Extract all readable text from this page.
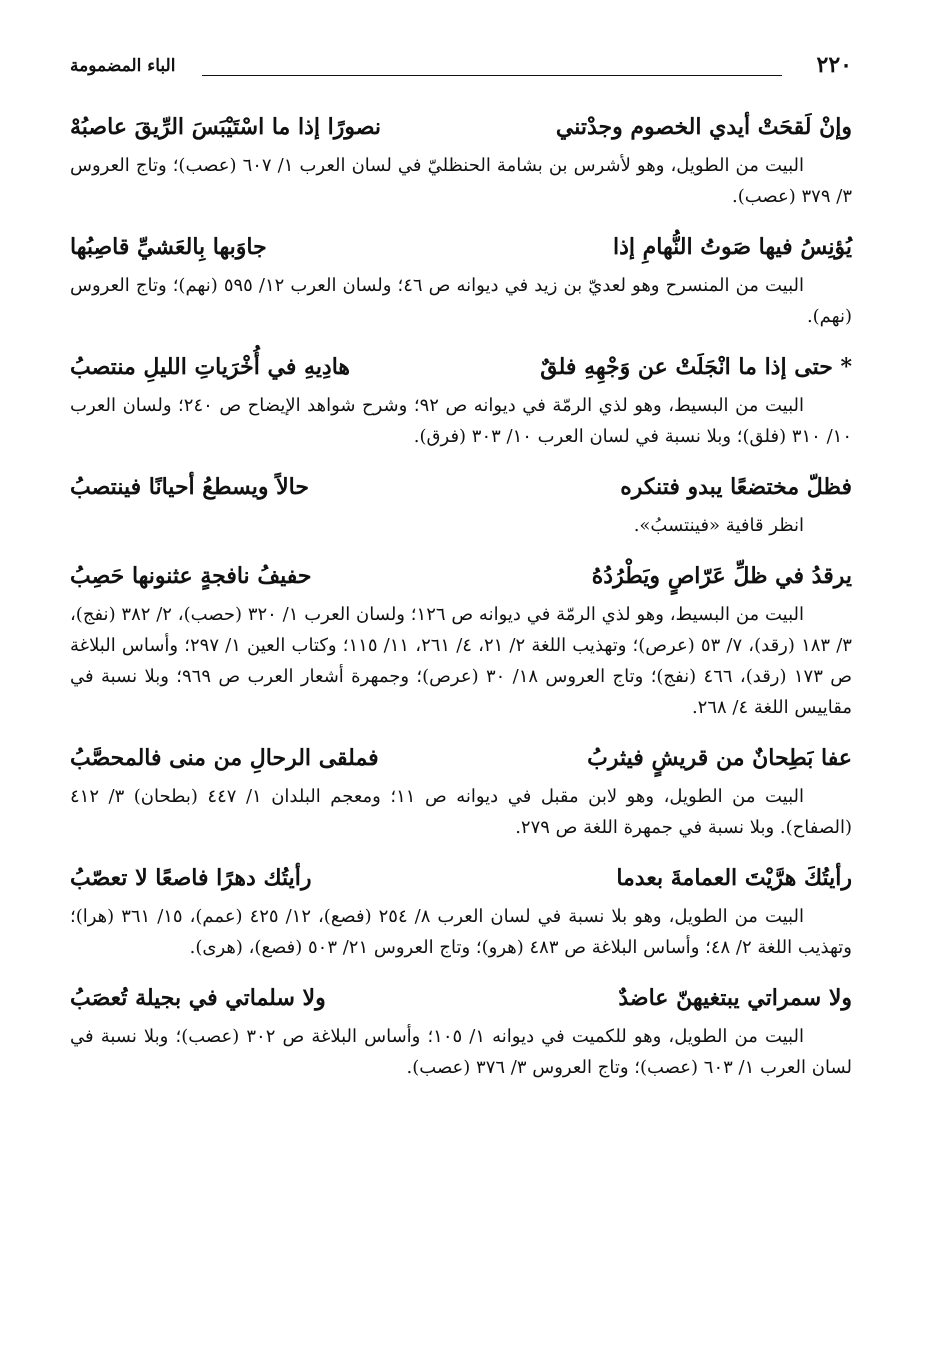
٢٢٠
الباء المضمومة
وإنْ لَقحَتْ أيدي الخصوم وجدْتني
نصورًا إذا ما اسْتَيْبَسَ الرِّيقَ عاصبُهْ

البيت من الطويل، وهو لأشرس بن بشامة الحنظليّ في لسان العرب ١/ ٦٠٧ (عصب)؛ وتاج العروس ٣/ ٣٧٩ (عصب).

يُؤنِسُ فيها صَوتُ النُّهامِ إذا
جاوَبها بِالعَشيِّ قاصِبُها

البيت من المنسرح وهو لعديّ بن زيد في ديوانه ص ٤٦؛ ولسان العرب ١٢/ ٥٩٥ (نهم)؛ وتاج العروس (نهم).

* حتى إذا ما انْجَلَتْ عن وَجْهِهِ فلقٌ
هادِيهِ في أُخْرَياتِ الليلِ منتصبُ

البيت من البسيط، وهو لذي الرمّة في ديوانه ص ٩٢؛ وشرح شواهد الإيضاح ص ٢٤٠؛ ولسان العرب ١٠/ ٣١٠ (فلق)؛ وبلا نسبة في لسان العرب ١٠/ ٣٠٣ (فرق).

فظلّ مختضعًا يبدو فتنكره
حالاً ويسطعُ أحيانًا فينتصبُ

انظر قافية «فينتسبُ».

يرقدُ في ظلِّ عَرّاصٍ ويَطْرُدُهُ
حفيفُ نافجةٍ عثنونها حَصِبُ

البيت من البسيط، وهو لذي الرمّة في ديوانه ص ١٢٦؛ ولسان العرب ١/ ٣٢٠ (حصب)، ٢/ ٣٨٢ (نفج)، ٣/ ١٨٣ (رقد)، ٧/ ٥٣ (عرص)؛ وتهذيب اللغة ٢/ ٢١، ٤/ ٢٦١، ١١/ ١١٥؛ وكتاب العين ١/ ٢٩٧؛ وأساس البلاغة ص ١٧٣ (رقد)، ٤٦٦ (نفج)؛ وتاج العروس ١٨/ ٣٠ (عرص)؛ وجمهرة أشعار العرب ص ٩٦٩؛ وبلا نسبة في مقاييس اللغة ٤/ ٢٦٨.

عفا بَطِحانٌ من قريشٍ فيثربُ
فملقى الرحالِ من منى فالمحصَّبُ

البيت من الطويل، وهو لابن مقبل في ديوانه ص ١١؛ ومعجم البلدان ١/ ٤٤٧ (بطحان) ٣/ ٤١٢ (الصفاح). وبلا نسبة في جمهرة اللغة ص ٢٧٩.

رأيتُكَ هرَّيْتَ العمامةَ بعدما
رأيتُك دهرًا فاصعًا لا تعصّبُ

البيت من الطويل، وهو بلا نسبة في لسان العرب ٨/ ٢٥٤ (فصع)، ١٢/ ٤٢٥ (عمم)، ١٥/ ٣٦١ (هرا)؛ وتهذيب اللغة ٢/ ٤٨؛ وأساس البلاغة ص ٤٨٣ (هرو)؛ وتاج العروس ٢١/ ٥٠٣ (فصع)، (هرى).

ولا سمراتي يبتغيهنّ عاضدٌ
ولا سلماتي في بجيلة تُعصَبُ

البيت من الطويل، وهو للكميت في ديوانه ١/ ١٠٥؛ وأساس البلاغة ص ٣٠٢ (عصب)؛ وبلا نسبة في لسان العرب ١/ ٦٠٣ (عصب)؛ وتاج العروس ٣/ ٣٧٦ (عصب).
